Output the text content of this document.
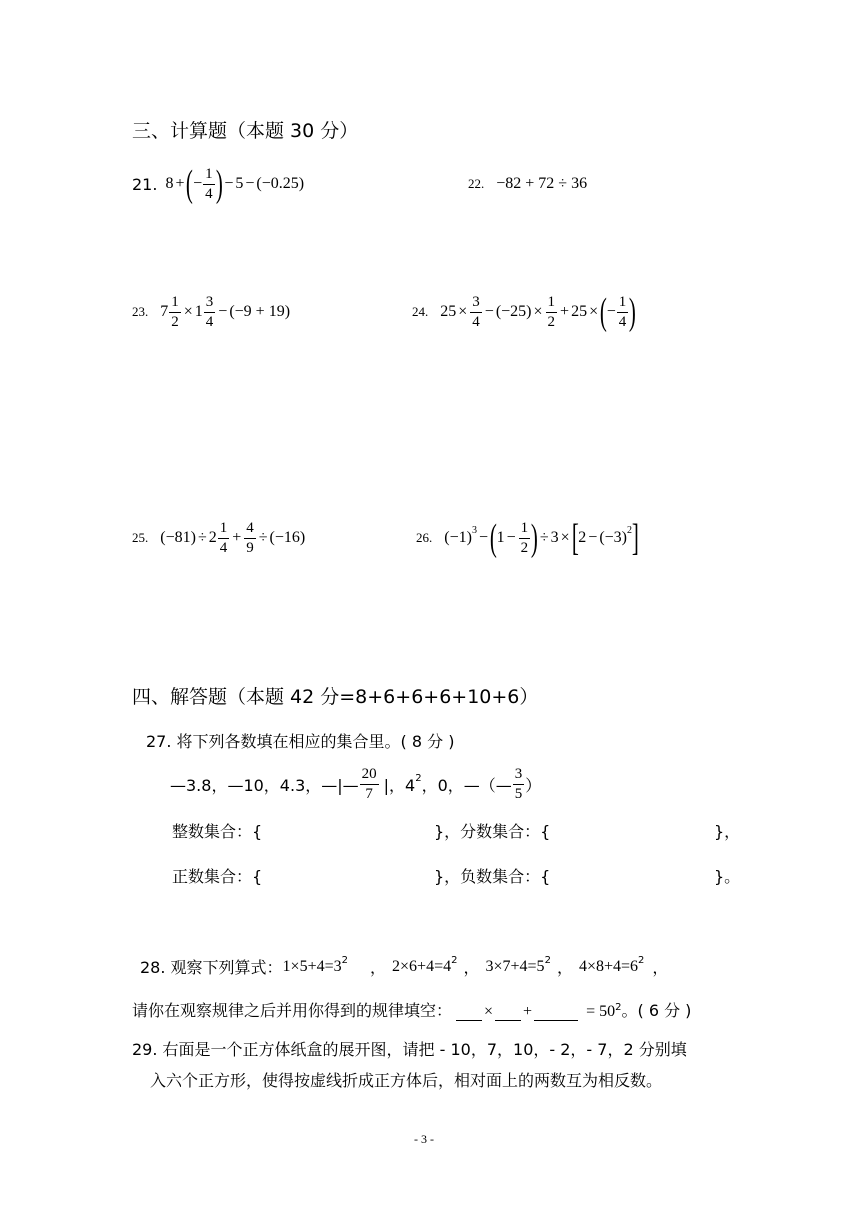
三、计算题（本题 30 分）
21. 8 + ( − $\frac{1}{4}$ ) − 5 − ( −0.25 )	22. −82 + 72 ÷ 36
23. $7 \frac{1}{2} \times 1 \frac{3}{4}$ − ( −9 + 19 )	24. $25 \times \frac{3}{4}$ − ( −25 ) × $\frac{1}{2} + 25$ × ( − $\frac{1}{4}$ )
25. ( −81 ) ÷ $2 \frac{1}{4} + \frac{4}{9}$ ÷ ( −16 )	26. ( −1 )$^3$ − ( $1 - \frac{1}{2}$ ) ÷ 3 × [ 2 − ( −3 )$^2$ ]
四、解答题（本题 42 分=8+6+6+6+10+6）
27. 将下列各数填在相应的集合里。( 8 分 )
—3.8，—10，4.3，—|— $\frac{20}{7}$ |，$4^2$ ，0，—（— $\frac{3}{5}$ ）
整数集合：{	}，分数集合：{	}，
正数集合：{	}，负数集合：{	}。
28. 观察下列算式： $1\times 5+4=3^2$ ， $2\times 6+4=4^2$ ， $3\times 7+4=5^2$ ， $4\times 8+4=6^2$ ，
请你在观察规律之后并用你得到的规律填空： × +	= $50^2$ 。( 6 分 )
29. 右面是一个正方体纸盒的展开图，请把 - 10，7，10，- 2，- 7，2 分别填
入六个正方形，使得按虚线折成正方体后，相对面上的两数互为相反数。
- 3 -
